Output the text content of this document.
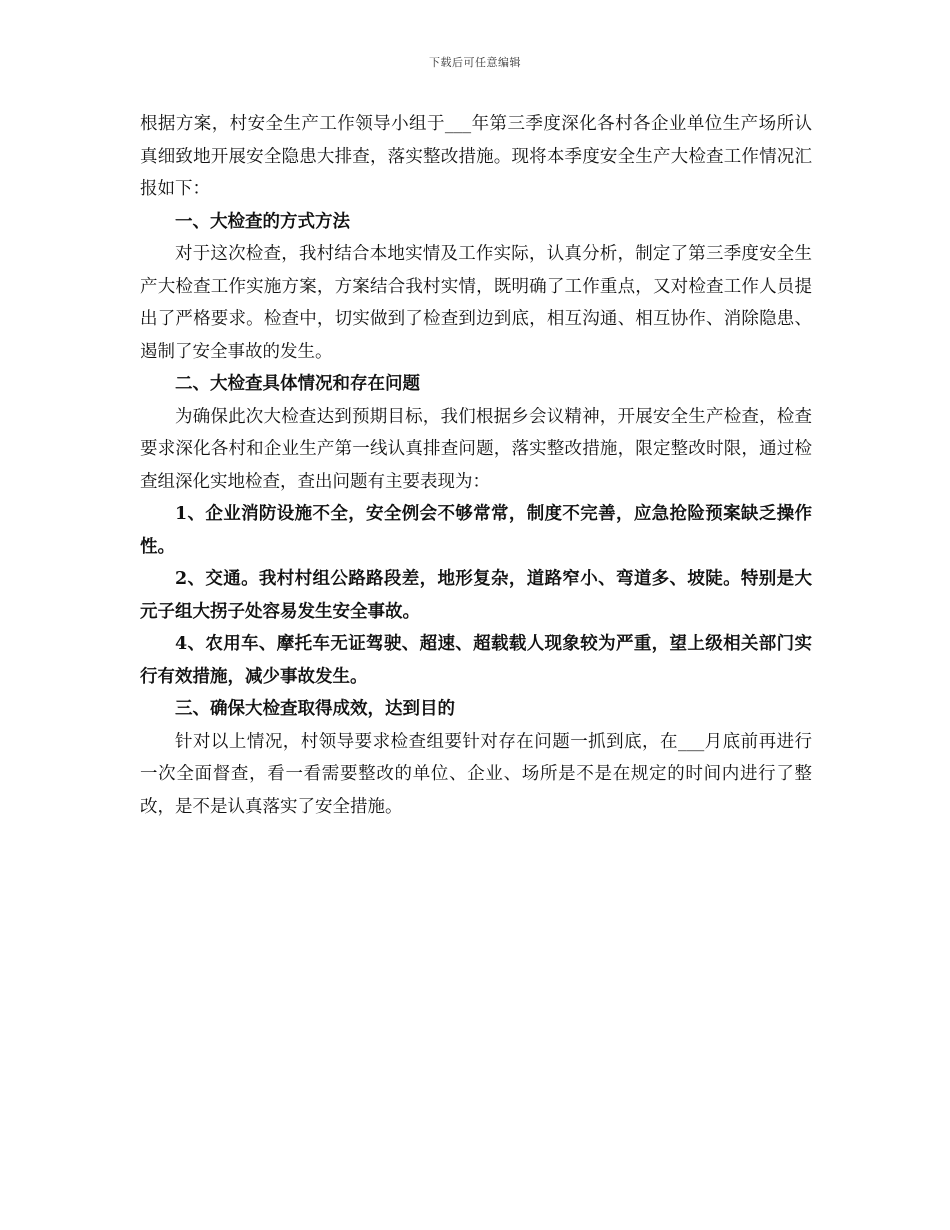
下载后可任意编辑

根据方案，村安全生产工作领导小组于___年第三季度深化各村各企业单位生产场所认真细致地开展安全隐患大排查，落实整改措施。现将本季度安全生产大检查工作情况汇报如下：

一、大检查的方式方法

对于这次检查，我村结合本地实情及工作实际，认真分析，制定了第三季度安全生产大检查工作实施方案，方案结合我村实情，既明确了工作重点，又对检查工作人员提出了严格要求。检查中，切实做到了检查到边到底，相互沟通、相互协作、消除隐患、遏制了安全事故的发生。

二、大检查具体情况和存在问题

为确保此次大检查达到预期目标，我们根据乡会议精神，开展安全生产检查，检查要求深化各村和企业生产第一线认真排查问题，落实整改措施，限定整改时限，通过检查组深化实地检查，查出问题有主要表现为：

1、企业消防设施不全，安全例会不够常常，制度不完善，应急抢险预案缺乏操作性。

2、交通。我村村组公路路段差，地形复杂，道路窄小、弯道多、坡陡。特别是大元子组大拐子处容易发生安全事故。

4、农用车、摩托车无证驾驶、超速、超载载人现象较为严重，望上级相关部门实行有效措施，减少事故发生。

三、确保大检查取得成效，达到目的

针对以上情况，村领导要求检查组要针对存在问题一抓到底，在___月底前再进行一次全面督查，看一看需要整改的单位、企业、场所是不是在规定的时间内进行了整改，是不是认真落实了安全措施。
